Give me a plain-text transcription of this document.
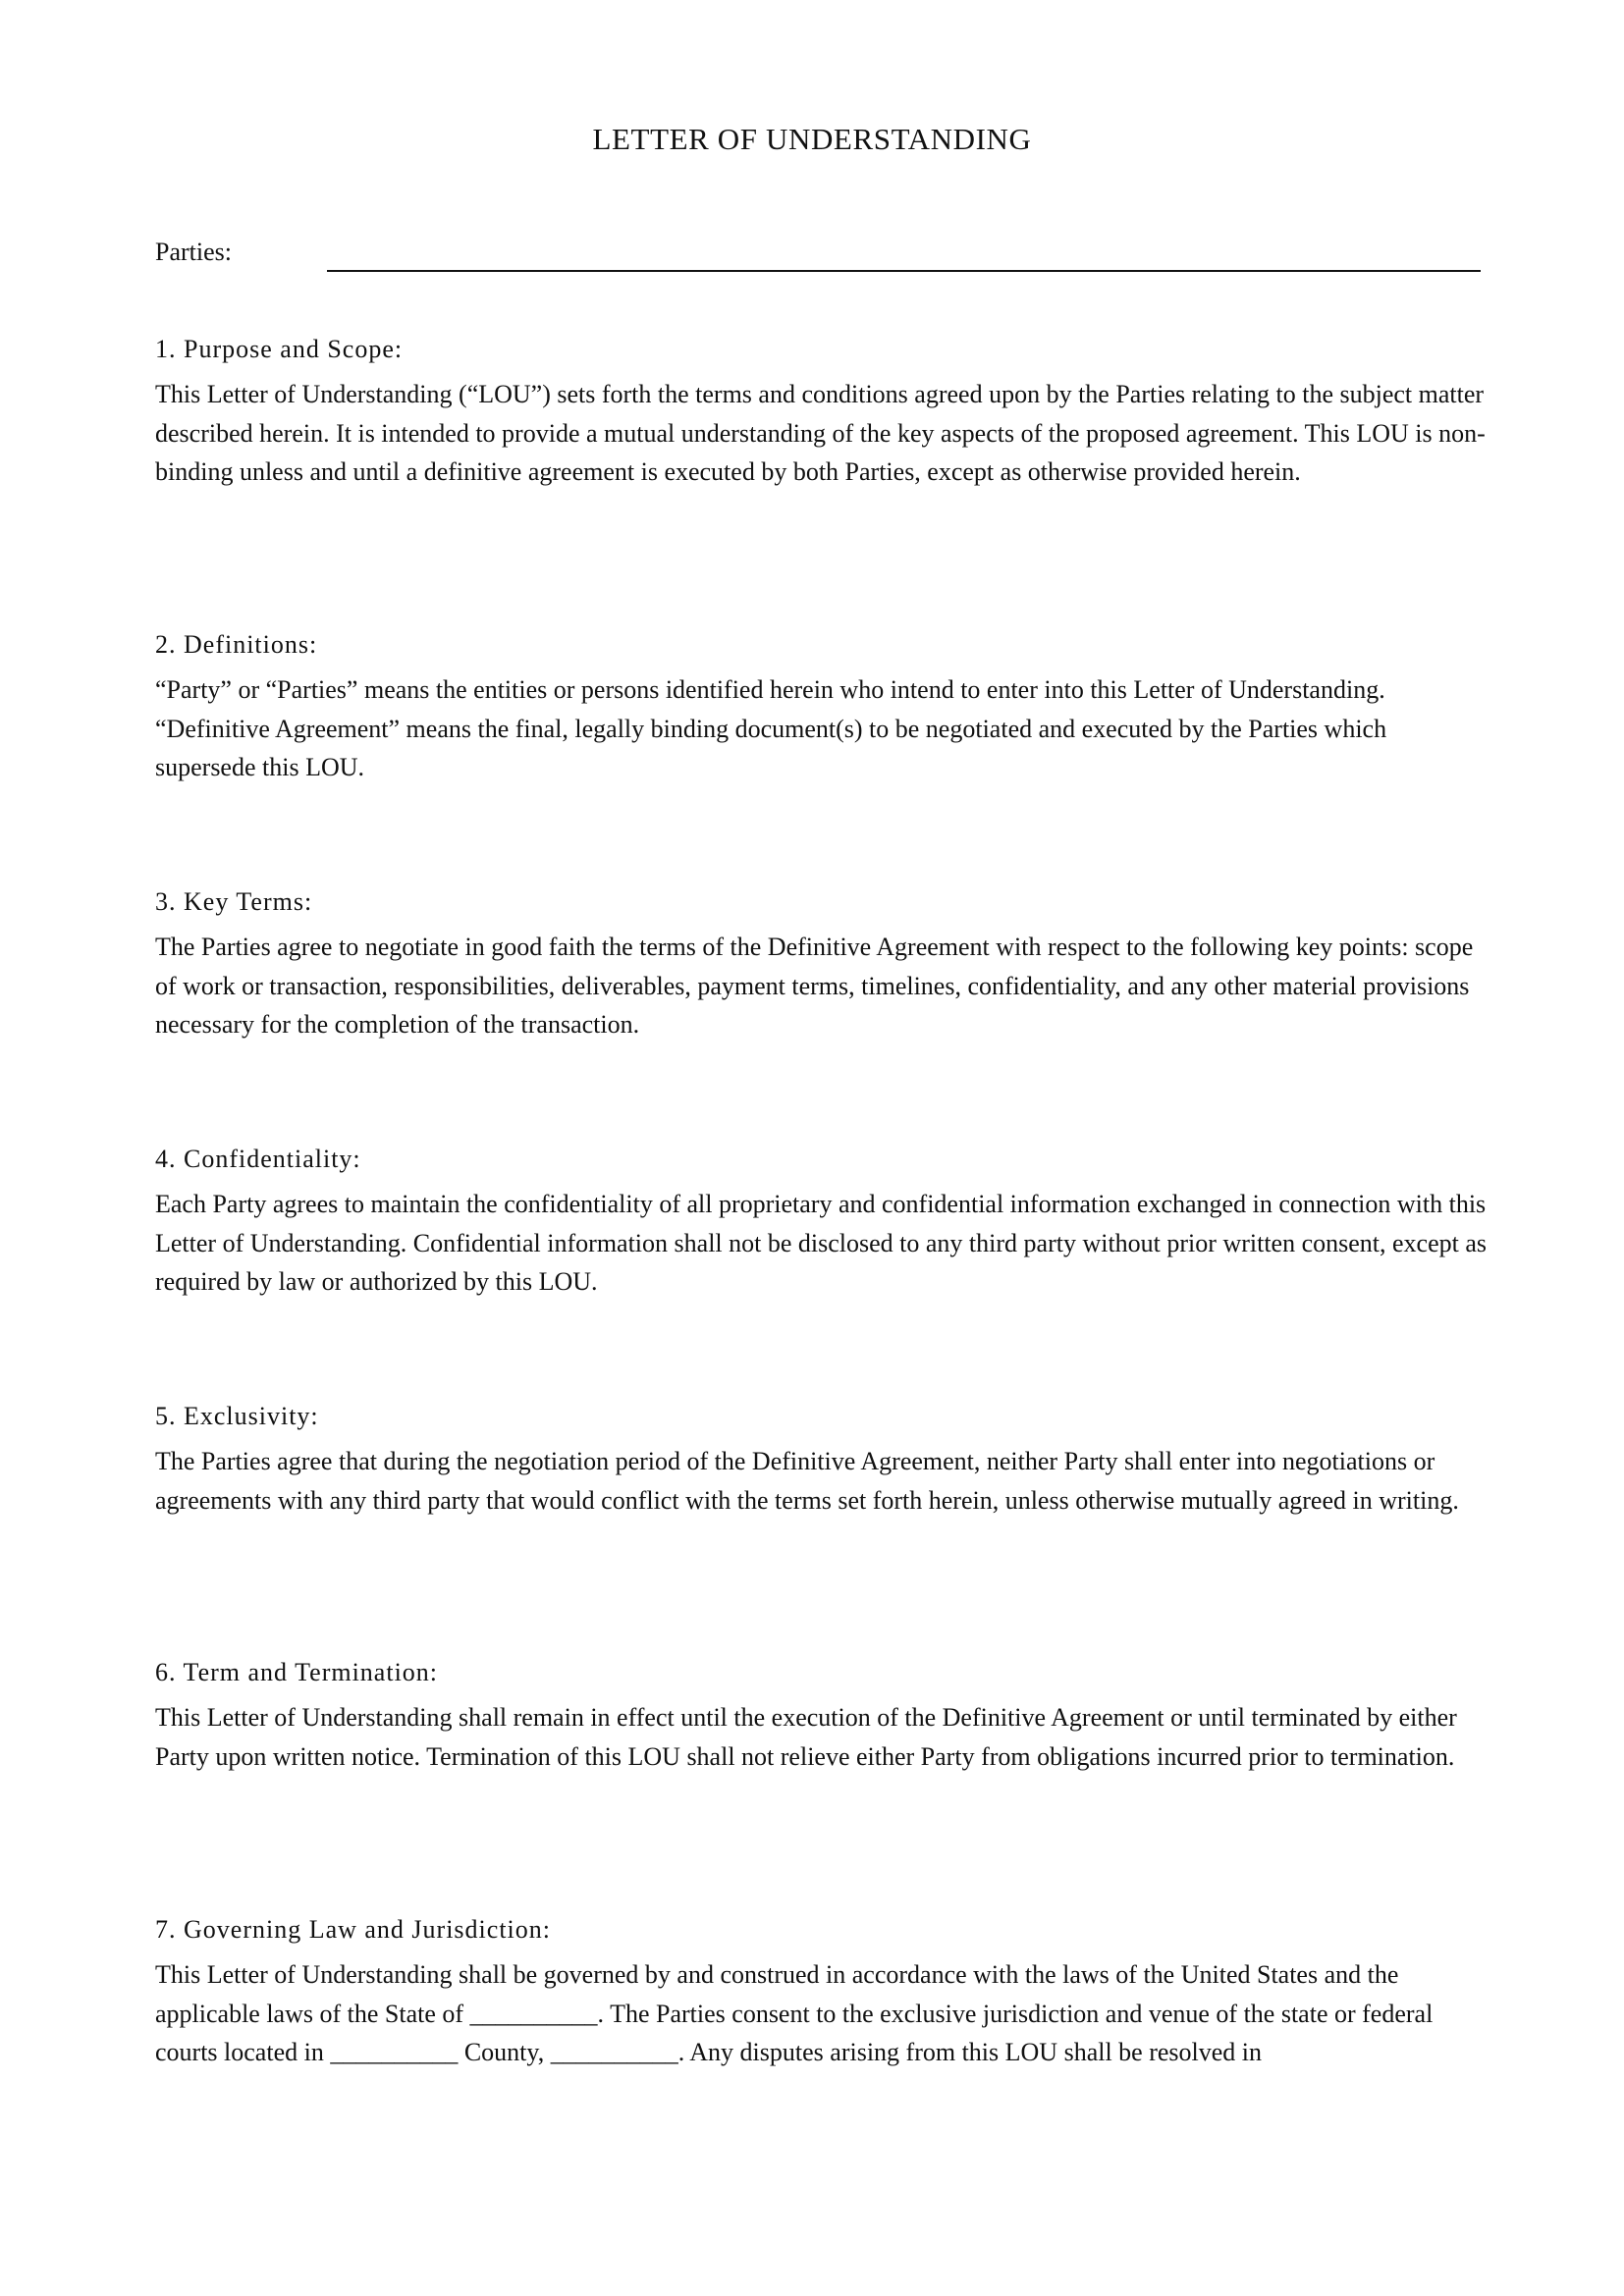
LETTER OF UNDERSTANDING
Parties:
1. Purpose and Scope:

This Letter of Understanding (“LOU”) sets forth the terms and conditions agreed upon by the Parties relating to the subject matter described herein. It is intended to provide a mutual understanding of the key aspects of the proposed agreement. This LOU is non-binding unless and until a definitive agreement is executed by both Parties, except as otherwise provided herein.

2. Definitions:

“Party” or “Parties” means the entities or persons identified herein who intend to enter into this Letter of Understanding. “Definitive Agreement” means the final, legally binding document(s) to be negotiated and executed by the Parties which supersede this LOU.

3. Key Terms:

The Parties agree to negotiate in good faith the terms of the Definitive Agreement with respect to the following key points: scope of work or transaction, responsibilities, deliverables, payment terms, timelines, confidentiality, and any other material provisions necessary for the completion of the transaction.

4. Confidentiality:

Each Party agrees to maintain the confidentiality of all proprietary and confidential information exchanged in connection with this Letter of Understanding. Confidential information shall not be disclosed to any third party without prior written consent, except as required by law or authorized by this LOU.

5. Exclusivity:

The Parties agree that during the negotiation period of the Definitive Agreement, neither Party shall enter into negotiations or agreements with any third party that would conflict with the terms set forth herein, unless otherwise mutually agreed in writing.

6. Term and Termination:

This Letter of Understanding shall remain in effect until the execution of the Definitive Agreement or until terminated by either Party upon written notice. Termination of this LOU shall not relieve either Party from obligations incurred prior to termination.

7. Governing Law and Jurisdiction:

This Letter of Understanding shall be governed by and construed in accordance with the laws of the United States and the applicable laws of the State of __________. The Parties consent to the exclusive jurisdiction and venue of the state or federal courts located in __________ County, __________. Any disputes arising from this LOU shall be resolved in
